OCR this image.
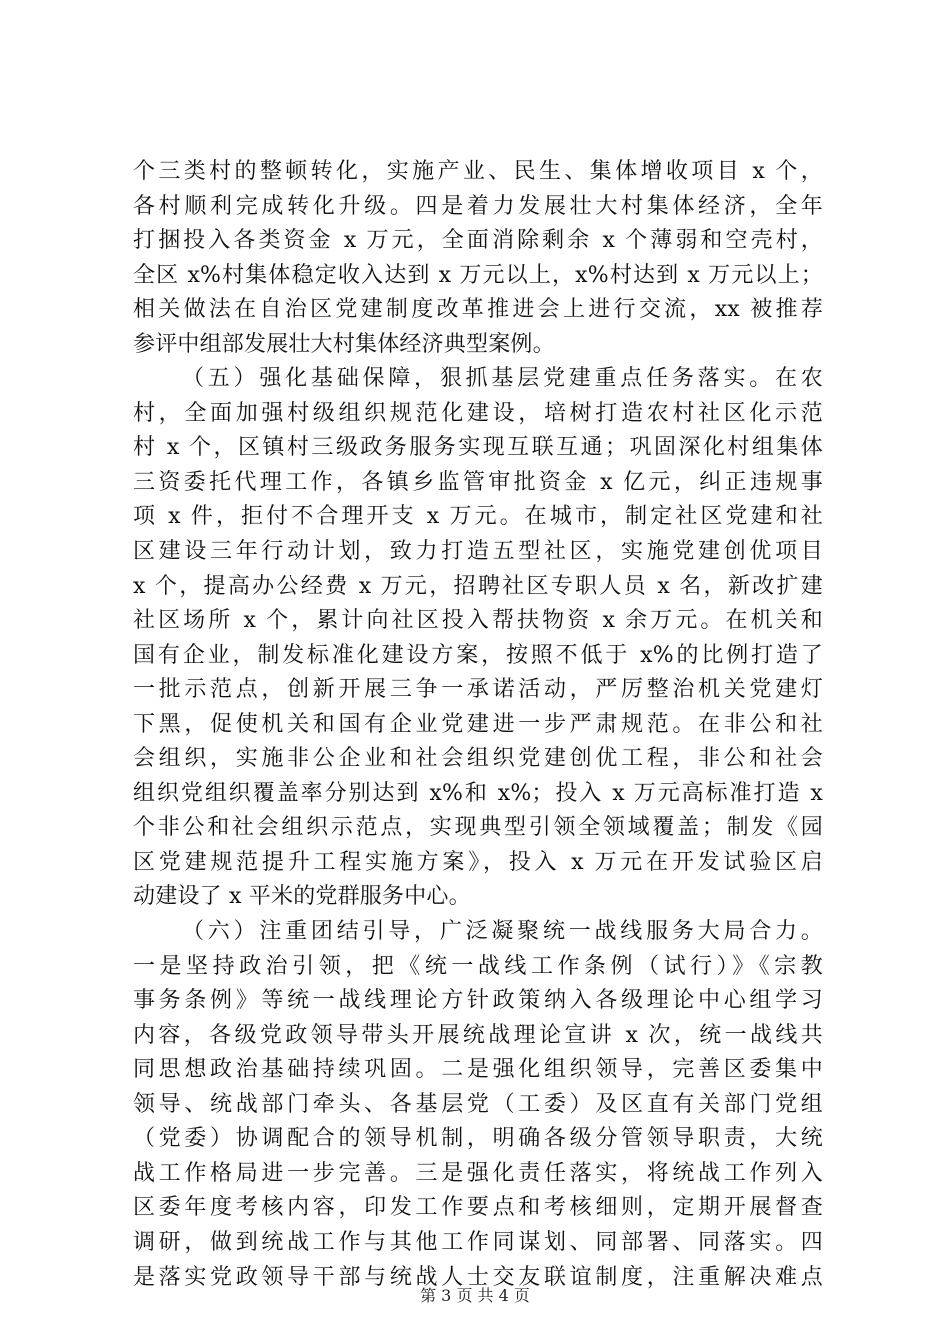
个三类村的整顿转化，实施产业、民生、集体增收项目 x 个，
各村顺利完成转化升级。四是着力发展壮大村集体经济，全年
打捆投入各类资金 x 万元，全面消除剩余 x 个薄弱和空壳村，
全区 x%村集体稳定收入达到 x 万元以上，x%村达到 x 万元以上；
相关做法在自治区党建制度改革推进会上进行交流，xx 被推荐
参评中组部发展壮大村集体经济典型案例。
（五）强化基础保障，狠抓基层党建重点任务落实。在农
村，全面加强村级组织规范化建设，培树打造农村社区化示范
村 x 个，区镇村三级政务服务实现互联互通；巩固深化村组集体
三资委托代理工作，各镇乡监管审批资金 x 亿元，纠正违规事
项 x 件，拒付不合理开支 x 万元。在城市，制定社区党建和社
区建设三年行动计划，致力打造五型社区，实施党建创优项目
x 个，提高办公经费 x 万元，招聘社区专职人员 x 名，新改扩建
社区场所 x 个，累计向社区投入帮扶物资 x 余万元。在机关和
国有企业，制发标准化建设方案，按照不低于 x%的比例打造了
一批示范点，创新开展三争一承诺活动，严厉整治机关党建灯
下黑，促使机关和国有企业党建进一步严肃规范。在非公和社
会组织，实施非公企业和社会组织党建创优工程，非公和社会
组织党组织覆盖率分别达到 x%和 x%；投入 x 万元高标准打造 x
个非公和社会组织示范点，实现典型引领全领域覆盖；制发《园
区党建规范提升工程实施方案》，投入 x 万元在开发试验区启
动建设了 x 平米的党群服务中心。
（六）注重团结引导，广泛凝聚统一战线服务大局合力。
一是坚持政治引领，把《统一战线工作条例（试行）》《宗教
事务条例》等统一战线理论方针政策纳入各级理论中心组学习
内容，各级党政领导带头开展统战理论宣讲 x 次，统一战线共
同思想政治基础持续巩固。二是强化组织领导，完善区委集中
领导、统战部门牵头、各基层党（工委）及区直有关部门党组
（党委）协调配合的领导机制，明确各级分管领导职责，大统
战工作格局进一步完善。三是强化责任落实，将统战工作列入
区委年度考核内容，印发工作要点和考核细则，定期开展督查
调研，做到统战工作与其他工作同谋划、同部署、同落实。四
是落实党政领导干部与统战人士交友联谊制度，注重解决难点
第 3 页 共 4 页
